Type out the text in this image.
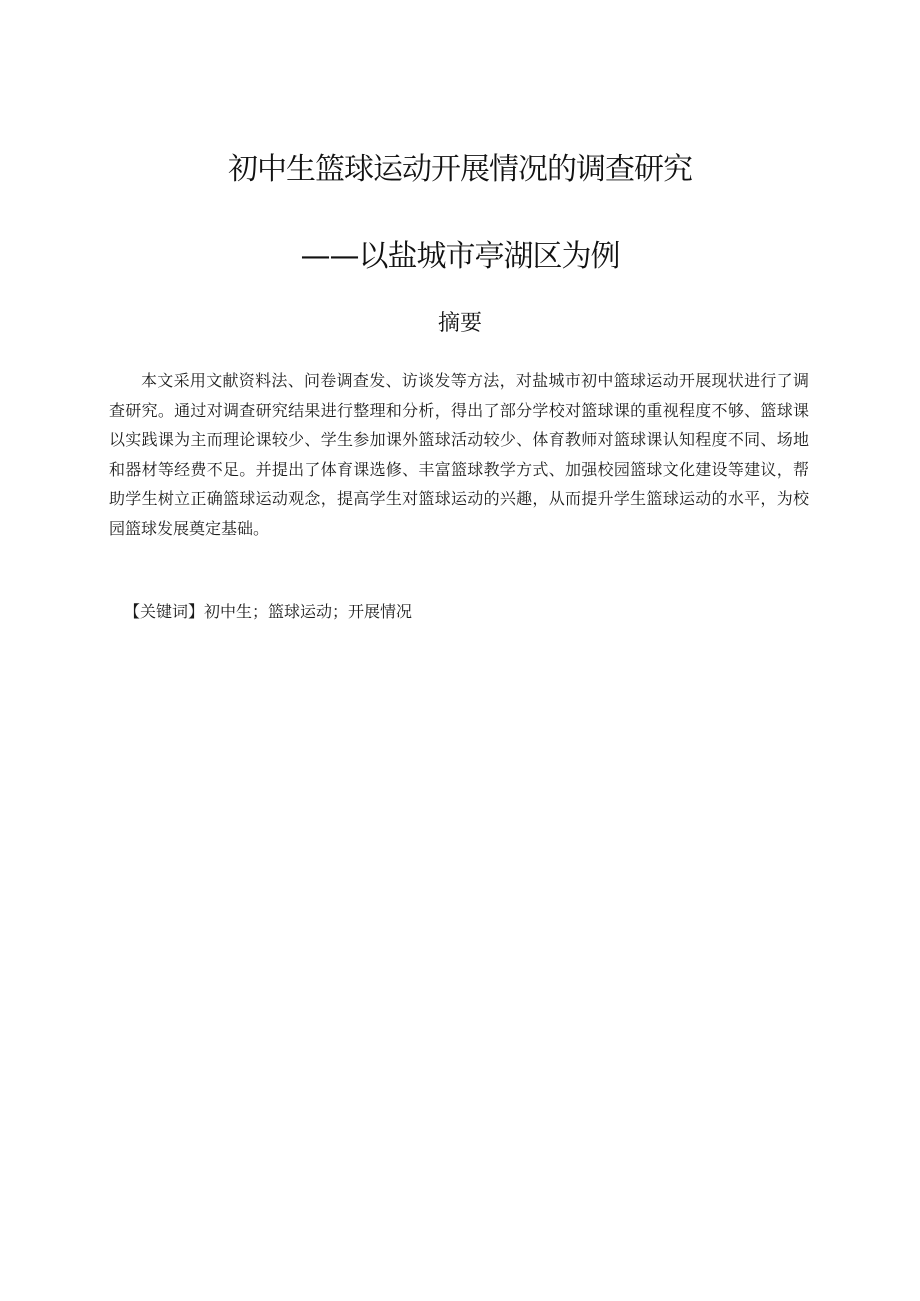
初中生篮球运动开展情况的调查研究
——以盐城市亭湖区为例
摘要

本文采用文献资料法、问卷调查发、访谈发等方法，对盐城市初中篮球运动开展现状进行了调查研究。通过对调查研究结果进行整理和分析，得出了部分学校对篮球课的重视程度不够、篮球课以实践课为主而理论课较少、学生参加课外篮球活动较少、体育教师对篮球课认知程度不同、场地和器材等经费不足。并提出了体育课选修、丰富篮球教学方式、加强校园篮球文化建设等建议，帮助学生树立正确篮球运动观念，提高学生对篮球运动的兴趣，从而提升学生篮球运动的水平，为校园篮球发展奠定基础。

【关键词】初中生；篮球运动；开展情况
